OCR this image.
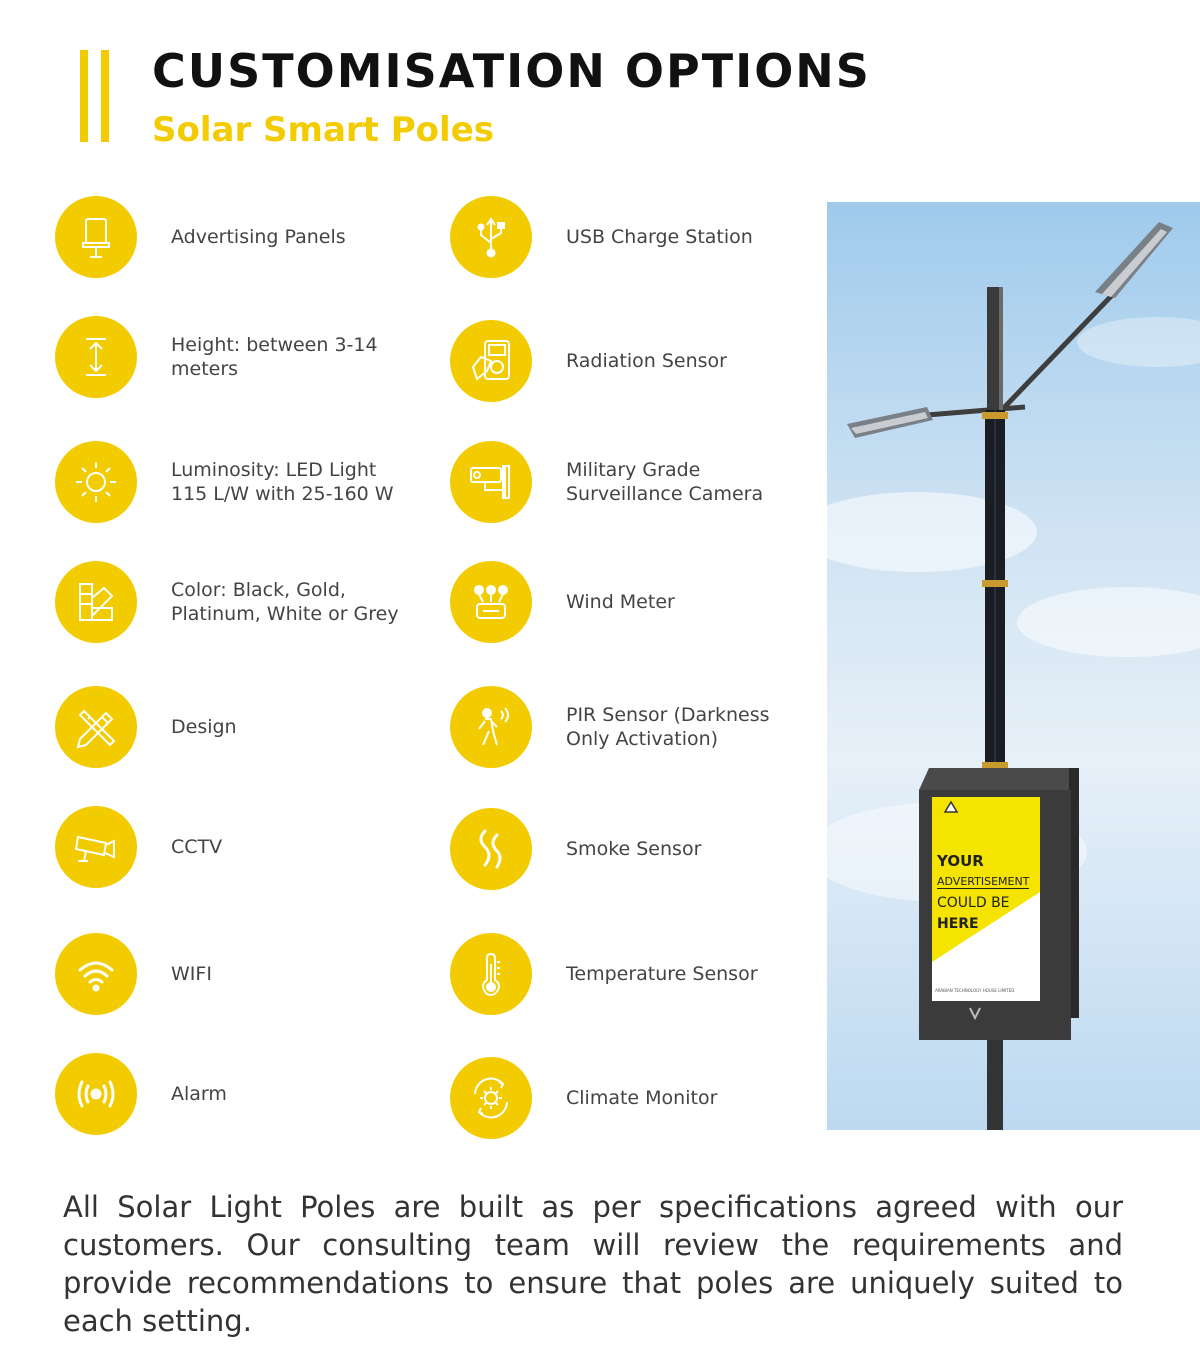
CUSTOMISATION OPTIONS
Solar Smart Poles
Advertising Panels
Height: between 3-14
meters
Luminosity: LED Light
115 L/W with 25-160 W
Color: Black, Gold,
Platinum, White or Grey
Design
CCTV
WIFI
Alarm
USB Charge Station
Radiation Sensor
Military Grade
Surveillance Camera
Wind Meter
PIR Sensor (Darkness
Only Activation)
Smoke Sensor
Temperature Sensor
Climate Monitor
YOUR
ADVERTISEMENT
COULD BE
HERE
ARABIAN TECHNOLOGY HOUSE LIMITED

All Solar Light Poles are built as per specifications agreed with our customers. Our consulting team will review the requirements and provide recommendations to ensure that poles are uniquely suited to each setting.
